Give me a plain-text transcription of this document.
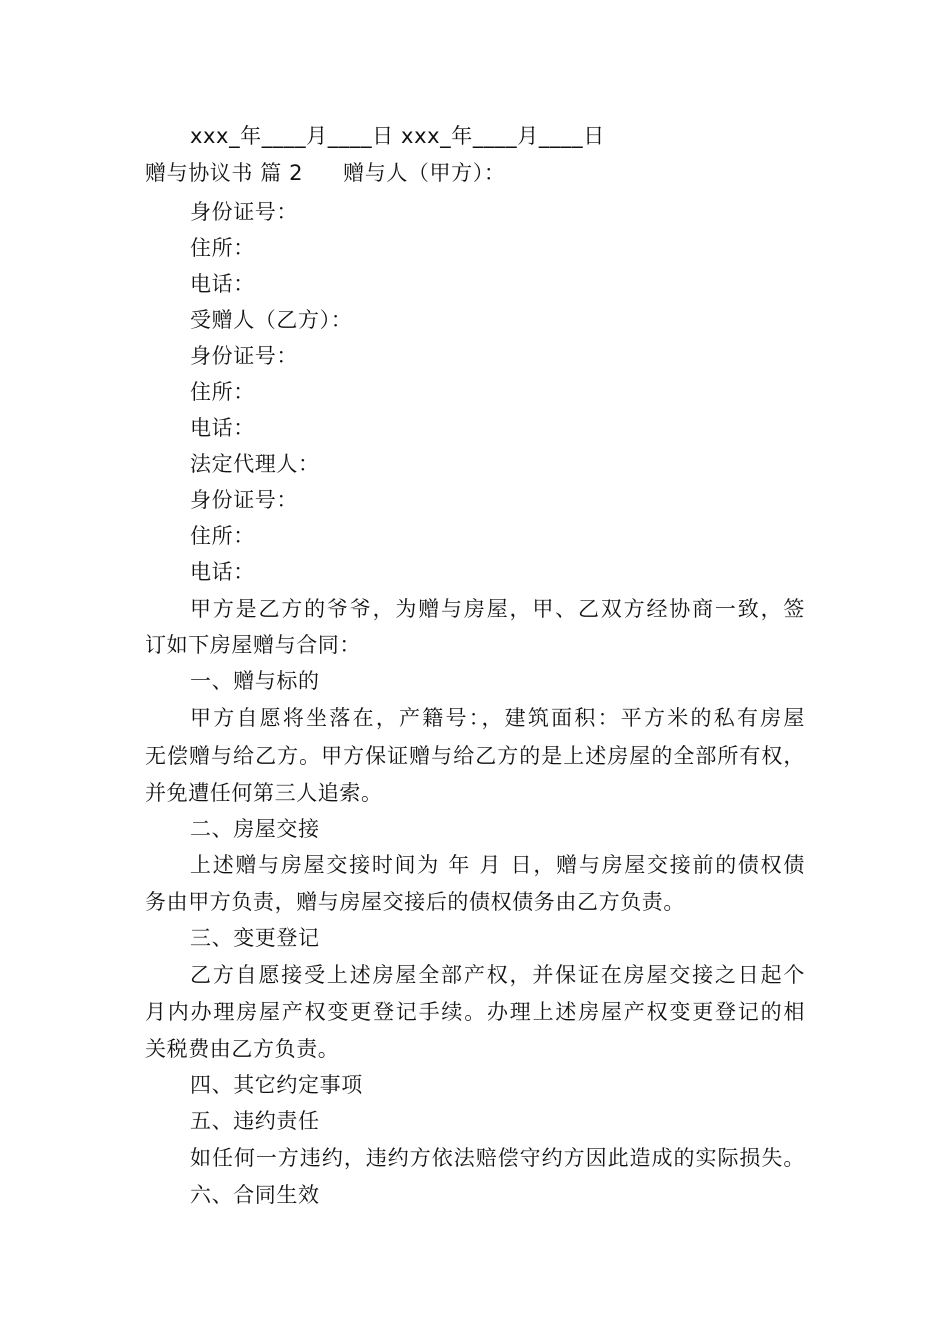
xxx_年____月____日 xxx_年____月____日
赠与协议书 篇 2 赠与人（甲方）：
身份证号：
住所：
电话：
受赠人（乙方）：
身份证号：
住所：
电话：
法定代理人：
身份证号：
住所：
电话：
甲方是乙方的爷爷，为赠与房屋，甲、乙双方经协商一致，签
订如下房屋赠与合同：
一、赠与标的
甲方自愿将坐落在，产籍号：，建筑面积：平方米的私有房屋
无偿赠与给乙方。甲方保证赠与给乙方的是上述房屋的全部所有权，
并免遭任何第三人追索。
二、房屋交接
上述赠与房屋交接时间为 年 月 日，赠与房屋交接前的债权债
务由甲方负责，赠与房屋交接后的债权债务由乙方负责。
三、变更登记
乙方自愿接受上述房屋全部产权，并保证在房屋交接之日起个
月内办理房屋产权变更登记手续。办理上述房屋产权变更登记的相
关税费由乙方负责。
四、其它约定事项
五、违约责任
如任何一方违约，违约方依法赔偿守约方因此造成的实际损失。
六、合同生效
